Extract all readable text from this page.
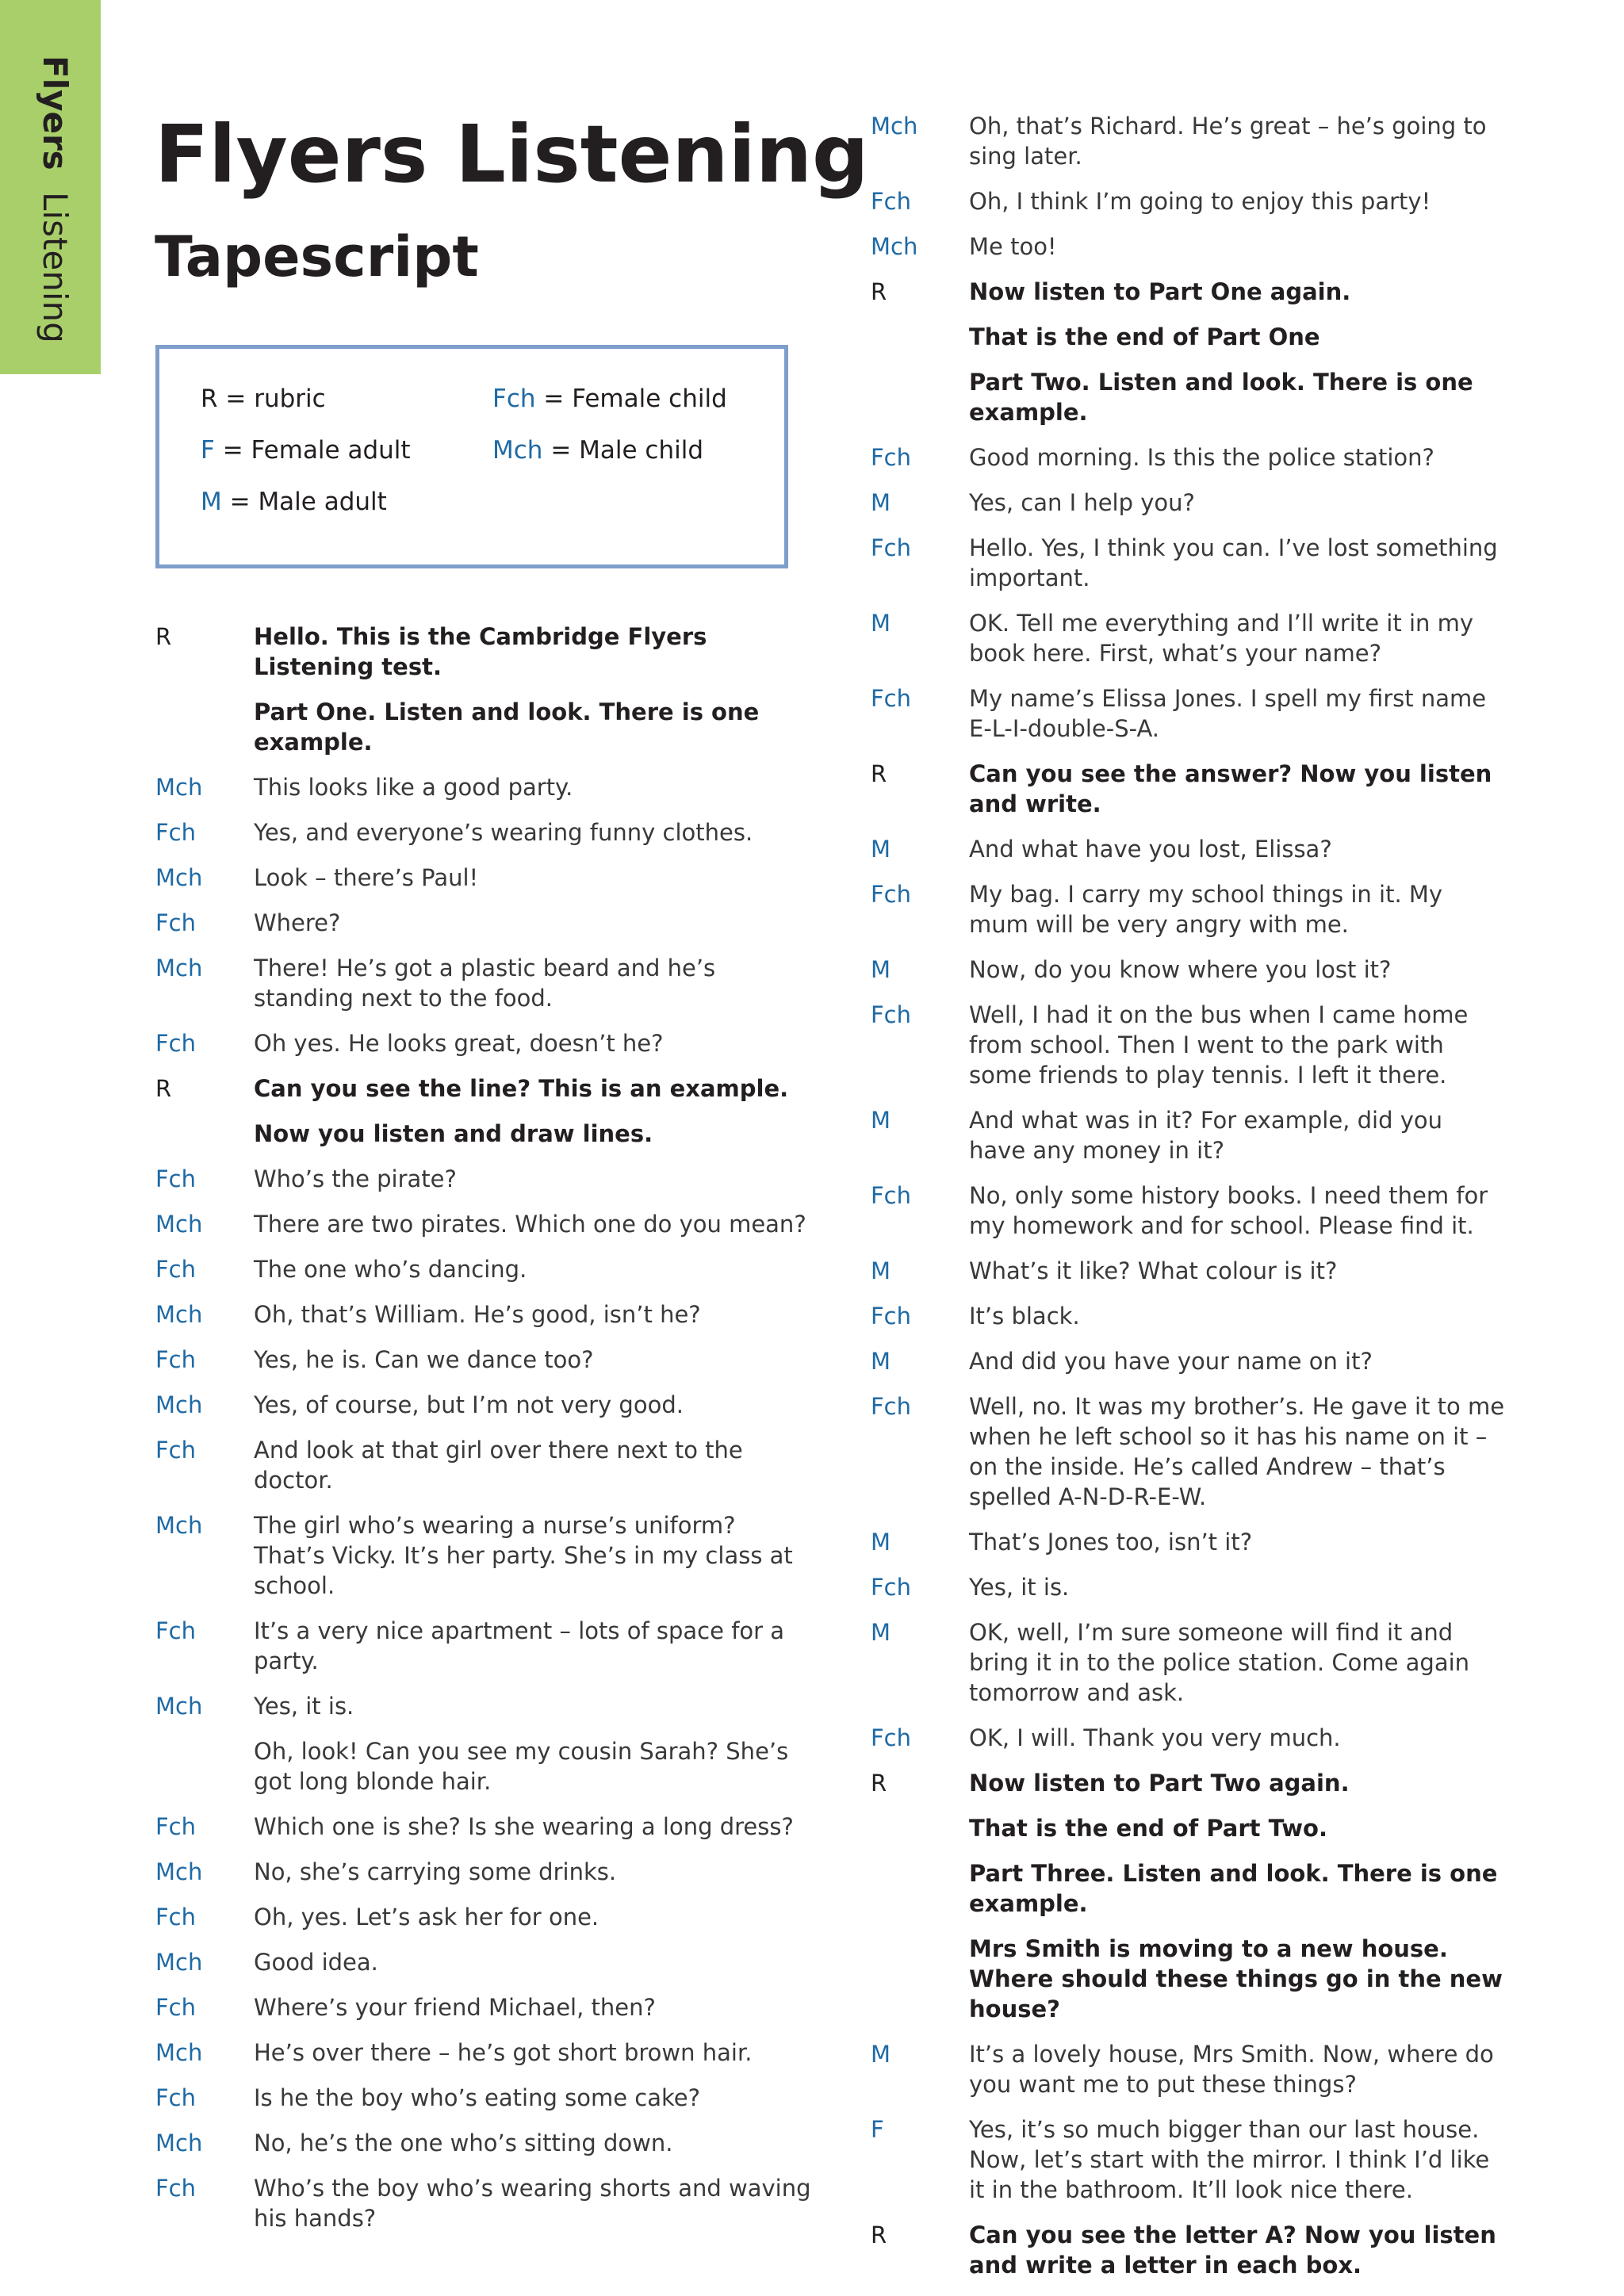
Flyers Listening
Flyers Listening
Tapescript
R = rubric
F = Female adult
M = Male adult
Fch = Female child
Mch = Male child
R	Hello. This is the Cambridge Flyers Listening test.
Part One. Listen and look. There is one example.
Mch This looks like a good party.
Fch	Yes, and everyone’s wearing funny clothes.
Mch Look – there’s Paul!
Fch	Where?
Mch There! He’s got a plastic beard and he’s standing next to the food.
Fch	Oh yes. He looks great, doesn’t he?
R	Can you see the line? This is an example.
Now you listen and draw lines.
Fch	Who’s the pirate?
Mch There are two pirates. Which one do you mean?
Fch	The one who’s dancing.
Mch Oh, that’s William. He’s good, isn’t he?
Fch	Yes, he is. Can we dance too?
Mch Yes, of course, but I’m not very good.
Fch	And look at that girl over there next to the doctor.
Mch The girl who’s wearing a nurse’s uniform? That’s Vicky. It’s her party. She’s in my class at school.
Fch	It’s a very nice apartment – lots of space for a party.
Mch Yes, it is.
Oh, look! Can you see my cousin Sarah? She’s got long blonde hair.
Fch	Which one is she? Is she wearing a long dress?
Mch No, she’s carrying some drinks.
Fch	Oh, yes. Let’s ask her for one.
Mch Good idea.
Fch	Where’s your friend Michael, then?
Mch He’s over there – he’s got short brown hair.
Fch	Is he the boy who’s eating some cake?
Mch No, he’s the one who’s sitting down.
Fch	Who’s the boy who’s wearing shorts and waving his hands?
Mch Oh, that’s Richard. He’s great – he’s going to sing later.
Fch	Oh, I think I’m going to enjoy this party!
Mch Me too!
R	Now listen to Part One again.
That is the end of Part One
Part Two. Listen and look. There is one example.
Fch	Good morning. Is this the police station?
M	Yes, can I help you?
Fch	Hello. Yes, I think you can. I’ve lost something important.
M	OK. Tell me everything and I’ll write it in my book here. First, what’s your name?
Fch	My name’s Elissa Jones. I spell my first name E-L-I-double-S-A.
R	Can you see the answer? Now you listen and write.
M	And what have you lost, Elissa?
Fch	My bag. I carry my school things in it. My mum will be very angry with me.
M	Now, do you know where you lost it?
Fch	Well, I had it on the bus when I came home from school. Then I went to the park with some friends to play tennis. I left it there.
M	And what was in it? For example, did you have any money in it?
Fch	No, only some history books. I need them for my homework and for school. Please find it.
M	What’s it like? What colour is it?
Fch	It’s black.
M	And did you have your name on it?
Fch	Well, no. It was my brother’s. He gave it to me when he left school so it has his name on it – on the inside. He’s called Andrew – that’s spelled A-N-D-R-E-W.
M	That’s Jones too, isn’t it?
Fch	Yes, it is.
M	OK, well, I’m sure someone will find it and bring it in to the police station. Come again tomorrow and ask.
Fch	OK, I will. Thank you very much.
R	Now listen to Part Two again.
That is the end of Part Two.
Part Three. Listen and look. There is one example.
Mrs Smith is moving to a new house. Where should these things go in the new house?
M	It’s a lovely house, Mrs Smith. Now, where do you want me to put these things?
F	Yes, it’s so much bigger than our last house. Now, let’s start with the mirror. I think I’d like it in the bathroom. It’ll look nice there.
R	Can you see the letter A? Now you listen and write a letter in each box.
